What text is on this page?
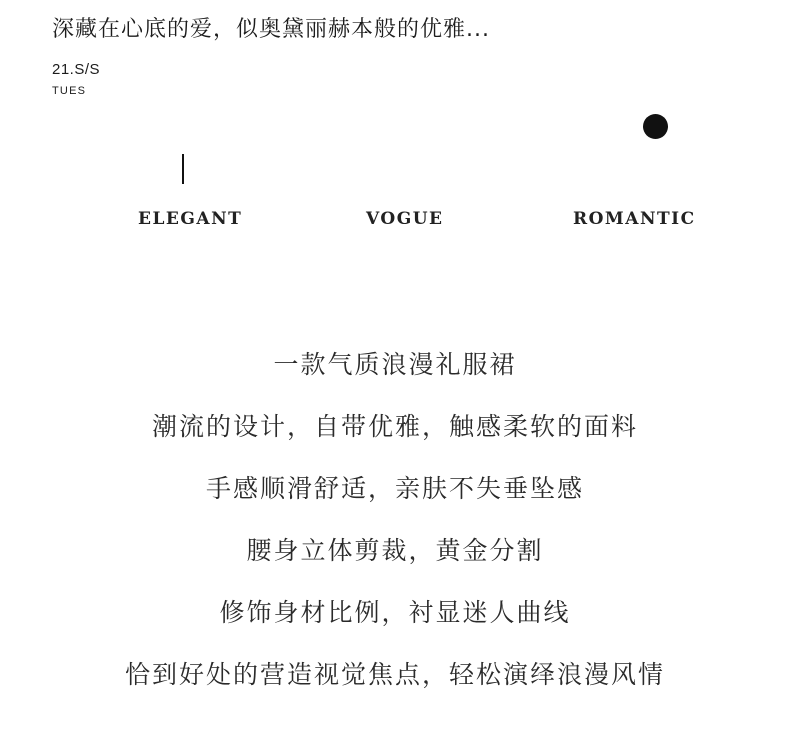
深藏在心底的爱，似奥黛丽赫本般的优雅...
21.S/S
TUES
ELEGANT	VOGUE	ROMANTIC
一款气质浪漫礼服裙
潮流的设计，自带优雅，触感柔软的面料
手感顺滑舒适，亲肤不失垂坠感
腰身立体剪裁，黄金分割
修饰身材比例，衬显迷人曲线
恰到好处的营造视觉焦点，轻松演绎浪漫风情
